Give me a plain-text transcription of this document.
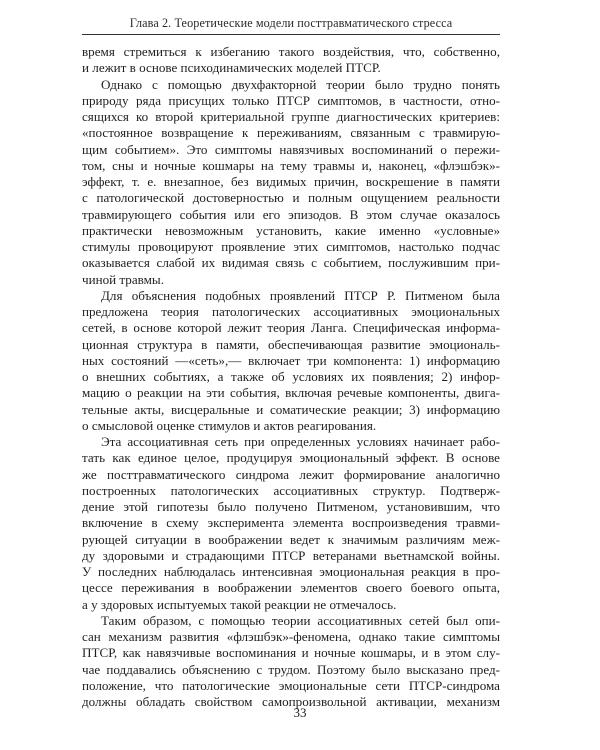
Глава 2. Теоретические модели посттравматического стресса
время стремиться к избеганию такого воздействия, что, собственно,
и лежит в основе психодинамических моделей ПТСР.
Однако с помощью двухфакторной теории было трудно понять
природу ряда присущих только ПТСР симптомов, в частности, отно-
сящихся ко второй критериальной группе диагностических критериев:
«постоянное возвращение к переживаниям, связанным с травмирую-
щим событием». Это симптомы навязчивых воспоминаний о пережи-
том, сны и ночные кошмары на тему травмы и, наконец, «флэшбэк»-
эффект, т. е. внезапное, без видимых причин, воскрешение в памяти
с патологической достоверностью и полным ощущением реальности
травмирующего события или его эпизодов. В этом случае оказалось
практически невозможным установить, какие именно «условные»
стимулы провоцируют проявление этих симптомов, настолько подчас
оказывается слабой их видимая связь с событием, послужившим при-
чиной травмы.
Для объяснения подобных проявлений ПТСР Р. Питменом была
предложена теория патологических ассоциативных эмоциональных
сетей, в основе которой лежит теория Ланга. Специфическая информа-
ционная структура в памяти, обеспечивающая развитие эмоциональ-
ных состояний —«сеть»,— включает три компонента: 1) информацию
о внешних событиях, а также об условиях их появления; 2) инфор-
мацию о реакции на эти события, включая речевые компоненты, двига-
тельные акты, висцеральные и соматические реакции; 3) информацию
о смысловой оценке стимулов и актов реагирования.
Эта ассоциативная сеть при определенных условиях начинает рабо-
тать как единое целое, продуцируя эмоциональный эффект. В основе
же посттравматического синдрома лежит формирование аналогично
построенных патологических ассоциативных структур. Подтверж-
дение этой гипотезы было получено Питменом, установившим, что
включение в схему эксперимента элемента воспроизведения травми-
рующей ситуации в воображении ведет к значимым различиям меж-
ду здоровыми и страдающими ПТСР ветеранами вьетнамской войны.
У последних наблюдалась интенсивная эмоциональная реакция в про-
цессе переживания в воображении элементов своего боевого опыта,
а у здоровых испытуемых такой реакции не отмечалось.
Таким образом, с помощью теории ассоциативных сетей был опи-
сан механизм развития «флэшбэк»-феномена, однако такие симптомы
ПТСР, как навязчивые воспоминания и ночные кошмары, и в этом слу-
чае поддавались объяснению с трудом. Поэтому было высказано пред-
положение, что патологические эмоциональные сети ПТСР-синдрома
должны обладать свойством самопроизвольной активации, механизм
33
